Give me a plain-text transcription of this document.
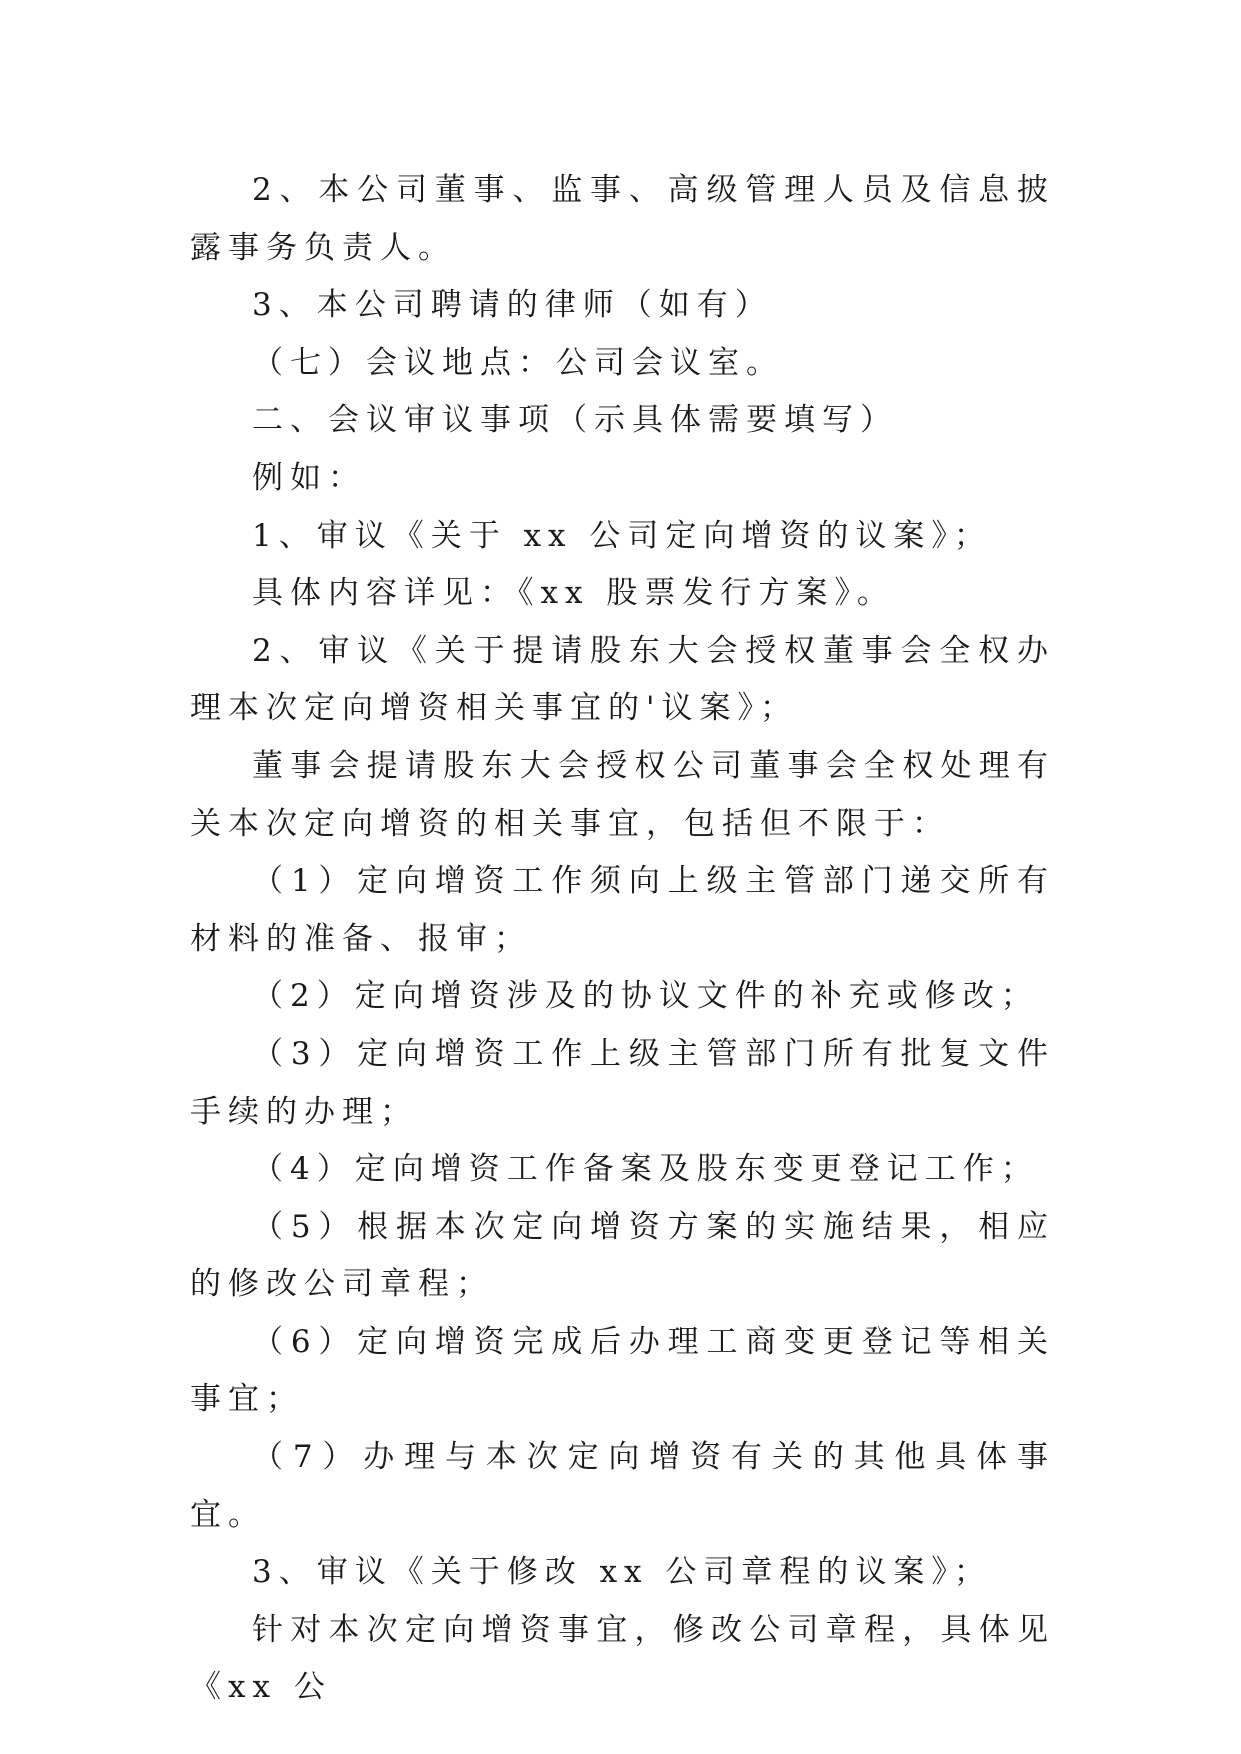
2、本公司董事、监事、高级管理人员及信息披露事务负责人。

3、本公司聘请的律师（如有）

（七）会议地点：公司会议室。

二、会议审议事项（示具体需要填写）

例如：

1、审议《关于 xx 公司定向增资的议案》；

具体内容详见：《xx 股票发行方案》。

2、审议《关于提请股东大会授权董事会全权办理本次定向增资相关事宜的'议案》；

董事会提请股东大会授权公司董事会全权处理有关本次定向增资的相关事宜，包括但不限于：

（1）定向增资工作须向上级主管部门递交所有材料的准备、报审；

（2）定向增资涉及的协议文件的补充或修改；

（3）定向增资工作上级主管部门所有批复文件手续的办理；

（4）定向增资工作备案及股东变更登记工作；

（5）根据本次定向增资方案的实施结果，相应的修改公司章程；

（6）定向增资完成后办理工商变更登记等相关事宜；

（7）办理与本次定向增资有关的其他具体事宜。

3、审议《关于修改 xx 公司章程的议案》；

针对本次定向增资事宜，修改公司章程，具体见《xx 公
